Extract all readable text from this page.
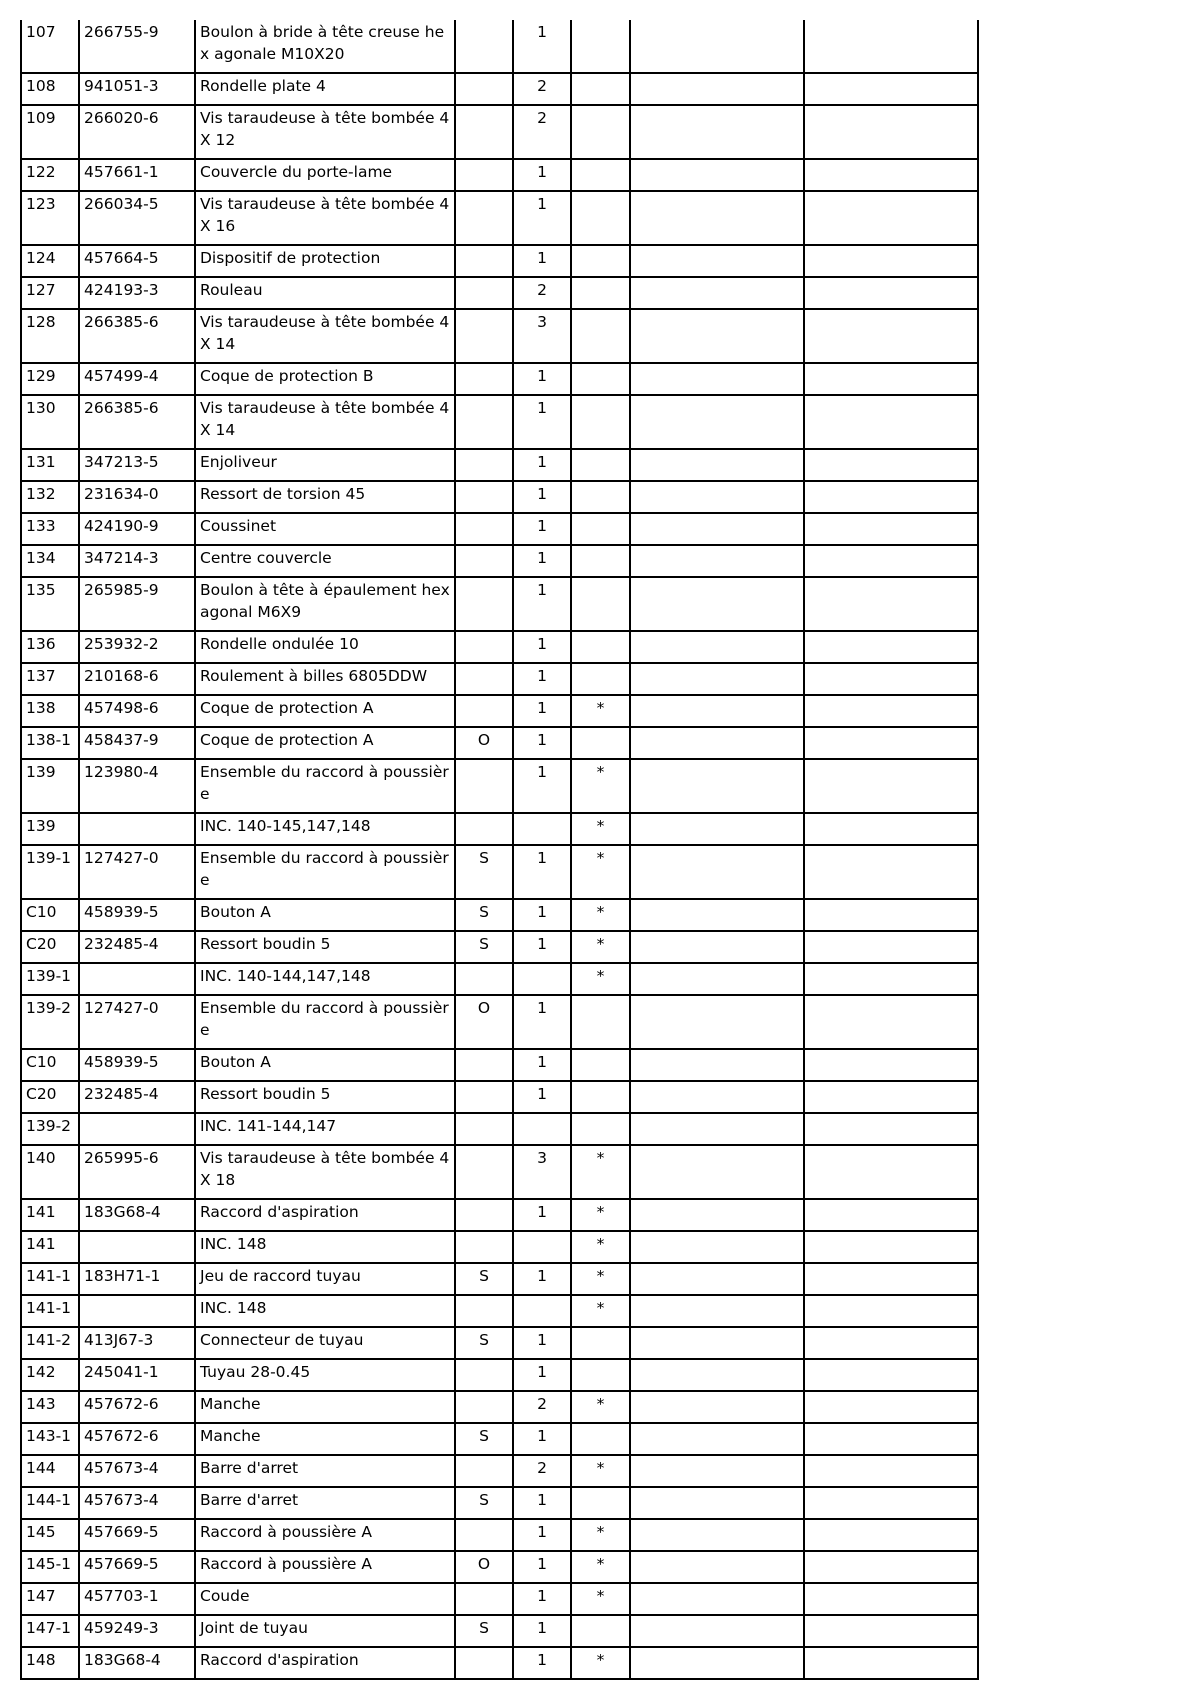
107	266755-9	Boulon à bride à tête creuse hex agonale M10X20		1			
108	941051-3	Rondelle plate 4		2			
109	266020-6	Vis taraudeuse à tête bombée 4X 12		2			
122	457661-1	Couvercle du porte-lame		1			
123	266034-5	Vis taraudeuse à tête bombée 4X 16		1			
124	457664-5	Dispositif de protection		1			
127	424193-3	Rouleau		2			
128	266385-6	Vis taraudeuse à tête bombée 4X 14		3			
129	457499-4	Coque de protection B		1			
130	266385-6	Vis taraudeuse à tête bombée 4X 14		1			
131	347213-5	Enjoliveur		1			
132	231634-0	Ressort de torsion 45		1			
133	424190-9	Coussinet		1			
134	347214-3	Centre couvercle		1			
135	265985-9	Boulon à tête à épaulement hex agonal M6X9		1			
136	253932-2	Rondelle ondulée 10		1			
137	210168-6	Roulement à billes 6805DDW		1			
138	457498-6	Coque de protection A		1	*		
138-1	458437-9	Coque de protection A	O	1			
139	123980-4	Ensemble du raccord à poussièr e		1	*		
139		INC. 140-145,147,148			*		
139-1	127427-0	Ensemble du raccord à poussièr e	S	1	*		
C10	458939-5	Bouton A	S	1	*		
C20	232485-4	Ressort boudin 5	S	1	*		
139-1		INC. 140-144,147,148			*		
139-2	127427-0	Ensemble du raccord à poussièr e	O	1			
C10	458939-5	Bouton A		1			
C20	232485-4	Ressort boudin 5		1			
139-2		INC. 141-144,147					
140	265995-6	Vis taraudeuse à tête bombée 4X 18		3	*		
141	183G68-4	Raccord d'aspiration		1	*		
141		INC. 148			*		
141-1	183H71-1	Jeu de raccord tuyau	S	1	*		
141-1		INC. 148			*		
141-2	413J67-3	Connecteur de tuyau	S	1			
142	245041-1	Tuyau 28-0.45		1			
143	457672-6	Manche		2	*		
143-1	457672-6	Manche	S	1			
144	457673-4	Barre d'arret		2	*		
144-1	457673-4	Barre d'arret	S	1			
145	457669-5	Raccord à poussière A		1	*		
145-1	457669-5	Raccord à poussière A	O	1	*		
147	457703-1	Coude		1	*		
147-1	459249-3	Joint de tuyau	S	1			
148	183G68-4	Raccord d'aspiration		1	*		
